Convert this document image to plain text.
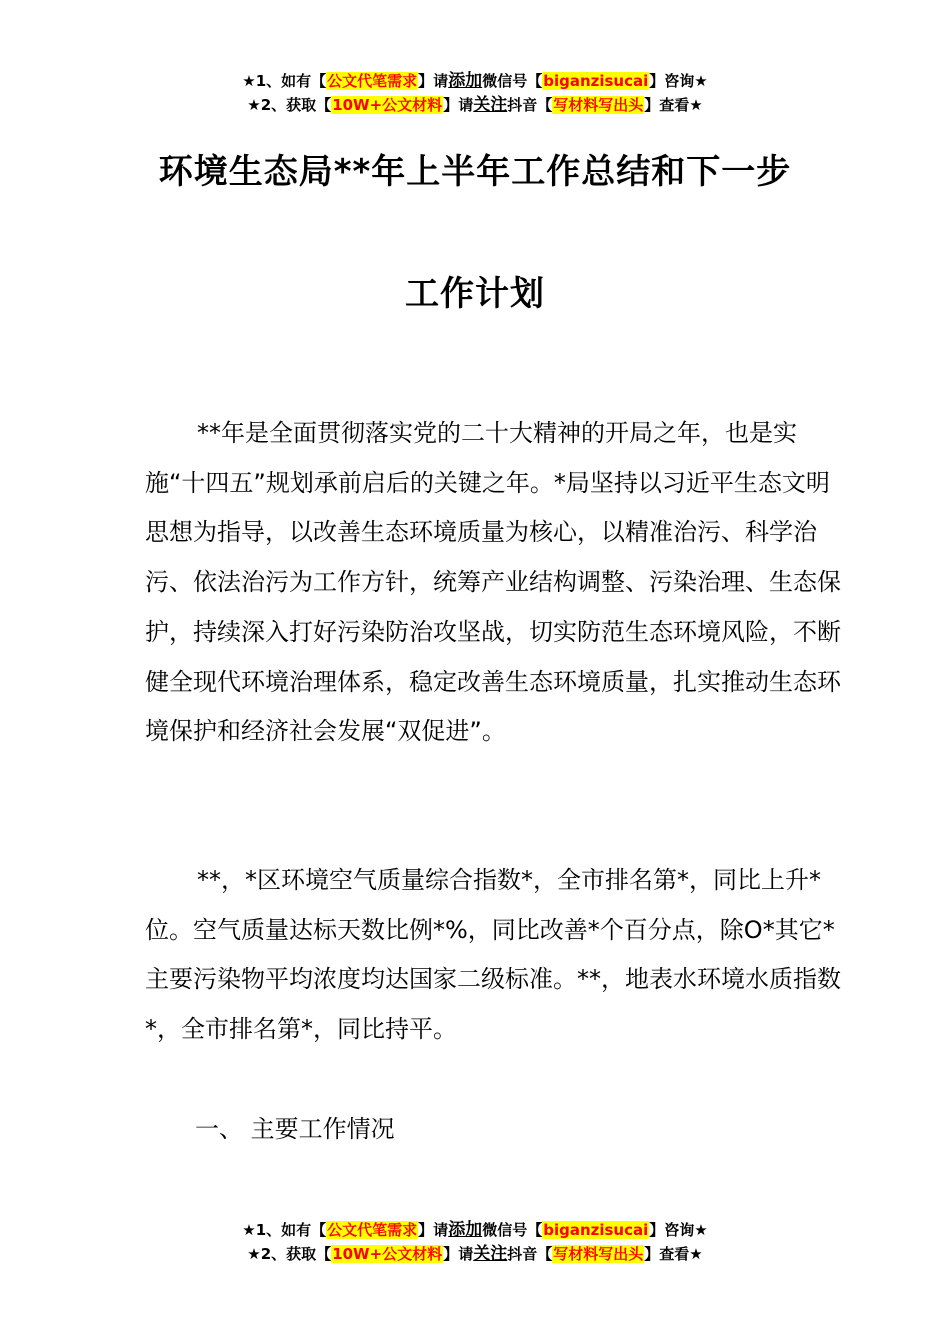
★1、如有【公文代笔需求】请添加微信号【biganzisucai】咨询★
★2、获取【10W+公文材料】请关注抖音【写材料写出头】查看★
环境生态局**年上半年工作总结和下一步
工作计划

**年是全面贯彻落实党的二十大精神的开局之年，也是实施“十四五”规划承前启后的关键之年。*局坚持以习近平生态文明思想为指导，以改善生态环境质量为核心，以精准治污、科学治污、依法治污为工作方针，统筹产业结构调整、污染治理、生态保护，持续深入打好污染防治攻坚战，切实防范生态环境风险，不断健全现代环境治理体系，稳定改善生态环境质量，扎实推动生态环境保护和经济社会发展“双促进”。

**，*区环境空气质量综合指数*，全市排名第*，同比上升*位。空气质量达标天数比例*%，同比改善*个百分点，除O*其它*主要污染物平均浓度均达国家二级标准。**，地表水环境水质指数*，全市排名第*，同比持平。

一、 主要工作情况
★1、如有【公文代笔需求】请添加微信号【biganzisucai】咨询★
★2、获取【10W+公文材料】请关注抖音【写材料写出头】查看★
